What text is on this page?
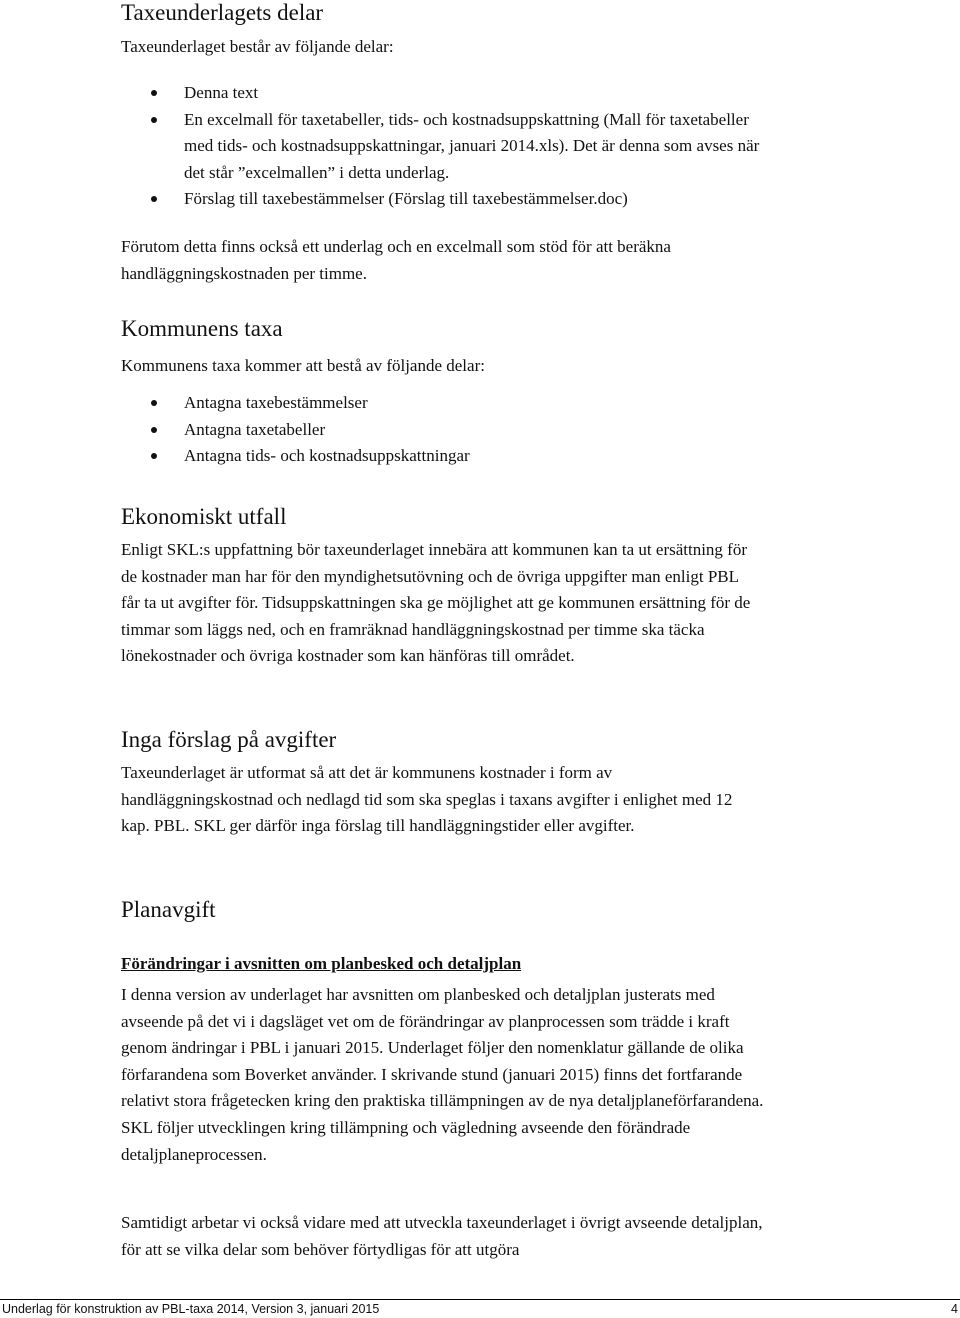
Taxeunderlagets delar

Taxeunderlaget består av följande delar:

Denna text
En excelmall för taxetabeller, tids- och kostnadsuppskattning (Mall för taxetabeller med tids- och kostnadsuppskattningar, januari 2014.xls). Det är denna som avses när det står ”excelmallen” i detta underlag.
Förslag till taxebestämmelser (Förslag till taxebestämmelser.doc)

Förutom detta finns också ett underlag och en excelmall som stöd för att beräkna handläggningskostnaden per timme.

Kommunens taxa

Kommunens taxa kommer att bestå av följande delar:

Antagna taxebestämmelser
Antagna taxetabeller
Antagna tids- och kostnadsuppskattningar
Ekonomiskt utfall

Enligt SKL:s uppfattning bör taxeunderlaget innebära att kommunen kan ta ut ersättning för de kostnader man har för den myndighetsutövning och de övriga uppgifter man enligt PBL får ta ut avgifter för. Tidsuppskattningen ska ge möjlighet att ge kommunen ersättning för de timmar som läggs ned, och en framräknad handläggningskostnad per timme ska täcka lönekostnader och övriga kostnader som kan hänföras till området.

Inga förslag på avgifter

Taxeunderlaget är utformat så att det är kommunens kostnader i form av handläggningskostnad och nedlagd tid som ska speglas i taxans avgifter i enlighet med 12 kap. PBL. SKL ger därför inga förslag till handläggningstider eller avgifter.

Planavgift
Förändringar i avsnitten om planbesked och detaljplan

I denna version av underlaget har avsnitten om planbesked och detaljplan justerats med avseende på det vi i dagsläget vet om de förändringar av planprocessen som trädde i kraft genom ändringar i PBL i januari 2015. Underlaget följer den nomenklatur gällande de olika förfarandena som Boverket använder. I skrivande stund (januari 2015) finns det fortfarande relativt stora frågetecken kring den praktiska tillämpningen av de nya detaljplaneförfarandena. SKL följer utvecklingen kring tillämpning och vägledning avseende den förändrade detaljplaneprocessen.

Samtidigt arbetar vi också vidare med att utveckla taxeunderlaget i övrigt avseende detaljplan, för att se vilka delar som behöver förtydligas för att utgöra

Underlag för konstruktion av PBL-taxa 2014, Version 3, januari 2015	4
